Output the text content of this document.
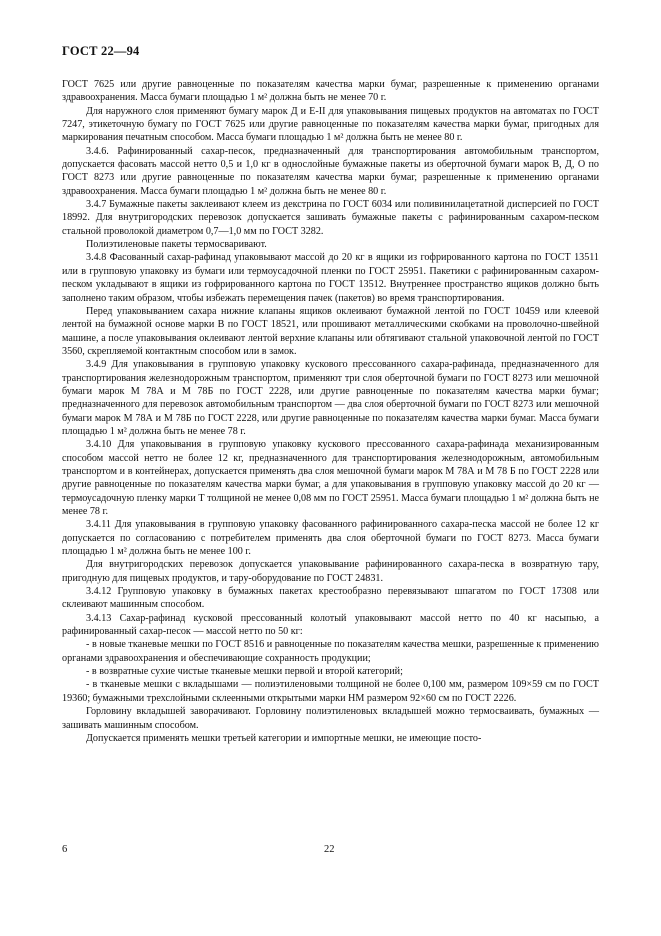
ГОСТ 22—94

ГОСТ 7625 или другие равноценные по показателям качества марки бумаг, разрешенные к применению органами здравоохранения. Масса бумаги площадью 1 м² должна быть не менее 70 г.

Для наружного слоя применяют бумагу марок Д и Е-II для упаковывания пищевых продуктов на автоматах по ГОСТ 7247, этикеточную бумагу по ГОСТ 7625 или другие равноценные по показателям качества марки бумаг, пригодных для маркирования печатным способом. Масса бумаги площадью 1 м² должна быть не менее 80 г.

3.4.6. Рафинированный сахар-песок, предназначенный для транспортирования автомобильным транспортом, допускается фасовать массой нетто 0,5 и 1,0 кг в однослойные бумажные пакеты из оберточной бумаги марок В, Д, О по ГОСТ 8273 или другие равноценные по показателям качества марки бумаг, разрешенные к применению органами здравоохранения. Масса бумаги площадью 1 м² должна быть не менее 80 г.

3.4.7 Бумажные пакеты заклеивают клеем из декстрина по ГОСТ 6034 или поливинилацетатной дисперсией по ГОСТ 18992. Для внутригородских перевозок допускается зашивать бумажные пакеты с рафинированным сахаром-песком стальной проволокой диаметром 0,7—1,0 мм по ГОСТ 3282.

Полиэтиленовые пакеты термосваривают.

3.4.8 Фасованный сахар-рафинад упаковывают массой до 20 кг в ящики из гофрированного картона по ГОСТ 13511 или в групповую упаковку из бумаги или термоусадочной пленки по ГОСТ 25951. Пакетики с рафинированным сахаром-песком укладывают в ящики из гофрированного картона по ГОСТ 13512. Внутреннее пространство ящиков должно быть заполнено таким образом, чтобы избежать перемещения пачек (пакетов) во время транспортирования.

Перед упаковыванием сахара нижние клапаны ящиков оклеивают бумажной лентой по ГОСТ 10459 или клеевой лентой на бумажной основе марки В по ГОСТ 18521, или прошивают металлическими скобками на проволочно-швейной машине, а после упаковывания оклеивают лентой верхние клапаны или обтягивают стальной упаковочной лентой по ГОСТ 3560, скрепляемой контактным способом или в замок.

3.4.9 Для упаковывания в групповую упаковку кускового прессованного сахара-рафинада, предназначенного для транспортирования железнодорожным транспортом, применяют три слоя оберточной бумаги по ГОСТ 8273 или мешочной бумаги марок М 78А и М 78Б по ГОСТ 2228, или другие равноценные по показателям качества марки бумаг; предназначенного для перевозок автомобильным транспортом — два слоя оберточной бумаги по ГОСТ 8273 или мешочной бумаги марок М 78А и М 78Б по ГОСТ 2228, или другие равноценные по показателям качества марки бумаг. Масса бумаги площадью 1 м² должна быть не менее 78 г.

3.4.10 Для упаковывания в групповую упаковку кускового прессованного сахара-рафинада механизированным способом массой нетто не более 12 кг, предназначенного для транспортирования железнодорожным, автомобильным транспортом и в контейнерах, допускается применять два слоя мешочной бумаги марок М 78А и М 78 Б по ГОСТ 2228 или другие равноценные по показателям качества марки бумаг, а для упаковывания в групповую упаковку массой до 20 кг — термоусадочную пленку марки Т толщиной не менее 0,08 мм по ГОСТ 25951. Масса бумаги площадью 1 м² должна быть не менее 78 г.

3.4.11 Для упаковывания в групповую упаковку фасованного рафинированного сахара-песка массой не более 12 кг допускается по согласованию с потребителем применять два слоя оберточной бумаги по ГОСТ 8273. Масса бумаги площадью 1 м² должна быть не менее 100 г.

Для внутригородских перевозок допускается упаковывание рафинированного сахара-песка в возвратную тару, пригодную для пищевых продуктов, и тару-оборудование по ГОСТ 24831.

3.4.12 Групповую упаковку в бумажных пакетах крестообразно перевязывают шпагатом по ГОСТ 17308 или склеивают машинным способом.

3.4.13 Сахар-рафинад кусковой прессованный колотый упаковывают массой нетто по 40 кг насыпью, а рафинированный сахар-песок — массой нетто по 50 кг:

- в новые тканевые мешки по ГОСТ 8516 и равноценные по показателям качества мешки, разрешенные к применению органами здравоохранения и обеспечивающие сохранность продукции;

- в возвратные сухие чистые тканевые мешки первой и второй категорий;

- в тканевые мешки с вкладышами — полиэтиленовыми толщиной не более 0,100 мм, размером 109×59 см по ГОСТ 19360; бумажными трехслойными склеенными открытыми марки НМ размером 92×60 см по ГОСТ 2226.

Горловину вкладышей заворачивают. Горловину полиэтиленовых вкладышей можно термосваивать, бумажных — зашивать машинным способом.

Допускается применять мешки третьей категории и импортные мешки, не имеющие посто-

6	22
